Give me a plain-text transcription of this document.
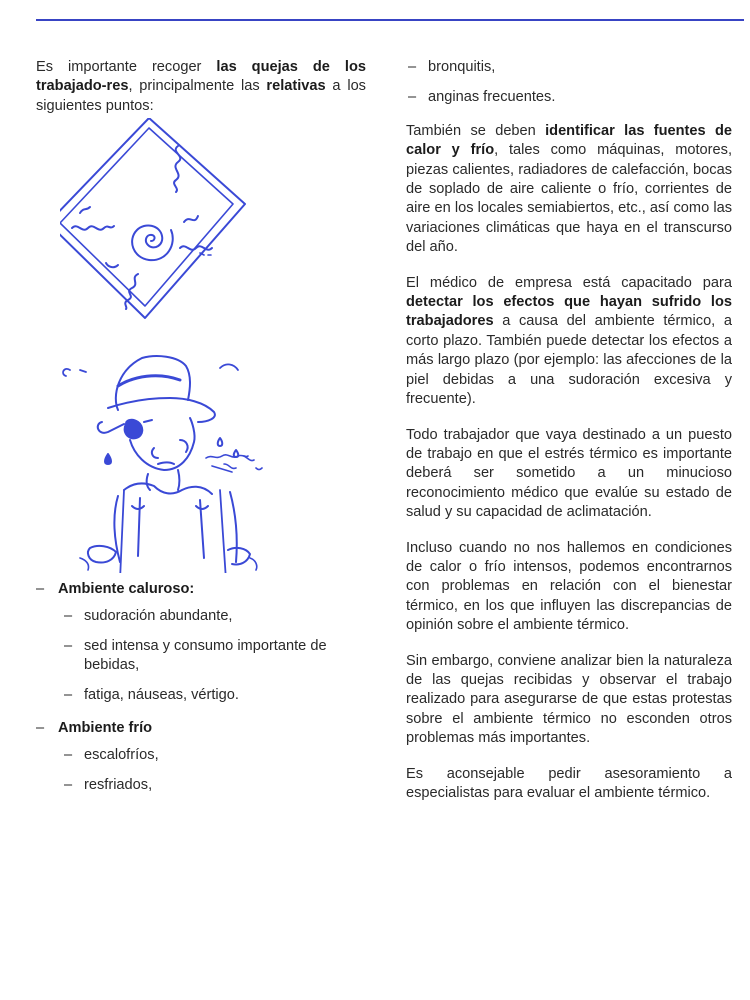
Es importante recoger las quejas de los trabajado-res, principalmente las relativas a los siguientes puntos:

– Ambiente caluroso:
– sudoración abundante,
– sed intensa y consumo importante de bebidas,
– fatiga, náuseas, vértigo.
– Ambiente frío
– escalofríos,
– resfriados,
– bronquitis,
– anginas frecuentes.

También se deben identificar las fuentes de calor y frío, tales como máquinas, motores, piezas calientes, radiadores de calefacción, bocas de soplado de aire caliente o frío, corrientes de aire en los locales semiabiertos, etc., así como las variaciones climáticas que haya en el transcurso del año.

El médico de empresa está capacitado para detectar los efectos que hayan sufrido los trabajadores a causa del ambiente térmico, a corto plazo. También puede detectar los efectos a más largo plazo (por ejemplo: las afecciones de la piel debidas a una sudoración excesiva y frecuente).

Todo trabajador que vaya destinado a un puesto de trabajo en que el estrés térmico es importante deberá ser sometido a un minucioso reconocimiento médico que evalúe su estado de salud y su capacidad de aclimatación.

Incluso cuando no nos hallemos en condiciones de calor o frío intensos, podemos encontrarnos con problemas en relación con el bienestar térmico, en los que influyen las discrepancias de opinión sobre el ambiente térmico.

Sin embargo, conviene analizar bien la naturaleza de las quejas recibidas y observar el trabajo realizado para asegurarse de que estas protestas sobre el ambiente térmico no esconden otros problemas más importantes.

Es aconsejable pedir asesoramiento a especialistas para evaluar el ambiente térmico.
